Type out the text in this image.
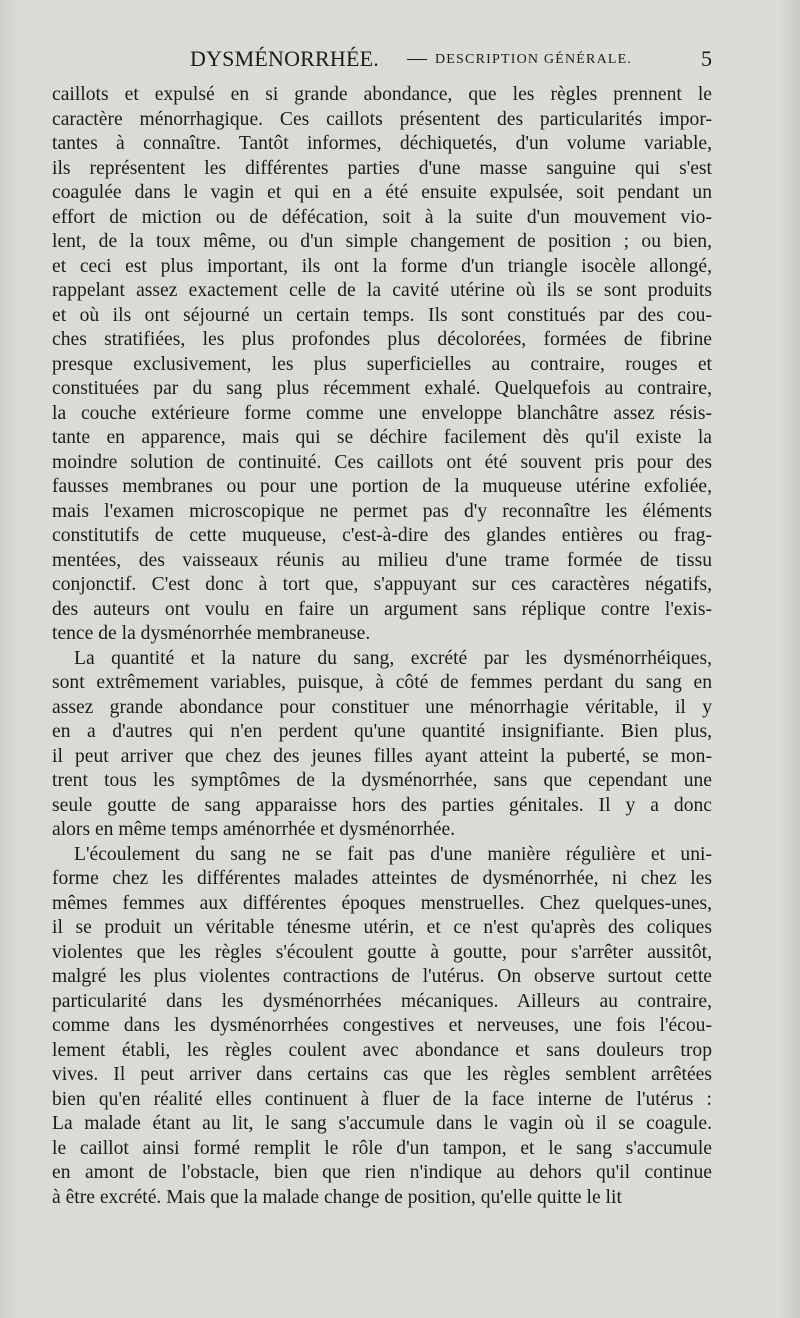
DYSMÉNORRHÉE. — DESCRIPTION GÉNÉRALE.	5
caillots et expulsé en si grande abondance, que les règles prennent le
caractère ménorrhagique. Ces caillots présentent des particularités impor-
tantes à connaître. Tantôt informes, déchiquetés, d'un volume variable,
ils représentent les différentes parties d'une masse sanguine qui s'est
coagulée dans le vagin et qui en a été ensuite expulsée, soit pendant un
effort de miction ou de défécation, soit à la suite d'un mouvement vio-
lent, de la toux même, ou d'un simple changement de position ; ou bien,
et ceci est plus important, ils ont la forme d'un triangle isocèle allongé,
rappelant assez exactement celle de la cavité utérine où ils se sont produits
et où ils ont séjourné un certain temps. Ils sont constitués par des cou-
ches stratifiées, les plus profondes plus décolorées, formées de fibrine
presque exclusivement, les plus superficielles au contraire, rouges et
constituées par du sang plus récemment exhalé. Quelquefois au contraire,
la couche extérieure forme comme une enveloppe blanchâtre assez résis-
tante en apparence, mais qui se déchire facilement dès qu'il existe la
moindre solution de continuité. Ces caillots ont été souvent pris pour des
fausses membranes ou pour une portion de la muqueuse utérine exfoliée,
mais l'examen microscopique ne permet pas d'y reconnaître les éléments
constitutifs de cette muqueuse, c'est-à-dire des glandes entières ou frag-
mentées, des vaisseaux réunis au milieu d'une trame formée de tissu
conjonctif. C'est donc à tort que, s'appuyant sur ces caractères négatifs,
des auteurs ont voulu en faire un argument sans réplique contre l'exis-
tence de la dysménorrhée membraneuse.
La quantité et la nature du sang, excrété par les dysménorrhéiques,
sont extrêmement variables, puisque, à côté de femmes perdant du sang en
assez grande abondance pour constituer une ménorrhagie véritable, il y
en a d'autres qui n'en perdent qu'une quantité insignifiante. Bien plus,
il peut arriver que chez des jeunes filles ayant atteint la puberté, se mon-
trent tous les symptômes de la dysménorrhée, sans que cependant une
seule goutte de sang apparaisse hors des parties génitales. Il y a donc
alors en même temps aménorrhée et dysménorrhée.
L'écoulement du sang ne se fait pas d'une manière régulière et uni-
forme chez les différentes malades atteintes de dysménorrhée, ni chez les
mêmes femmes aux différentes époques menstruelles. Chez quelques-unes,
il se produit un véritable ténesme utérin, et ce n'est qu'après des coliques
violentes que les règles s'écoulent goutte à goutte, pour s'arrêter aussitôt,
malgré les plus violentes contractions de l'utérus. On observe surtout cette
particularité dans les dysménorrhées mécaniques. Ailleurs au contraire,
comme dans les dysménorrhées congestives et nerveuses, une fois l'écou-
lement établi, les règles coulent avec abondance et sans douleurs trop
vives. Il peut arriver dans certains cas que les règles semblent arrêtées
bien qu'en réalité elles continuent à fluer de la face interne de l'utérus :
La malade étant au lit, le sang s'accumule dans le vagin où il se coagule.
le caillot ainsi formé remplit le rôle d'un tampon, et le sang s'accumule
en amont de l'obstacle, bien que rien n'indique au dehors qu'il continue
à être excrété. Mais que la malade change de position, qu'elle quitte le lit
